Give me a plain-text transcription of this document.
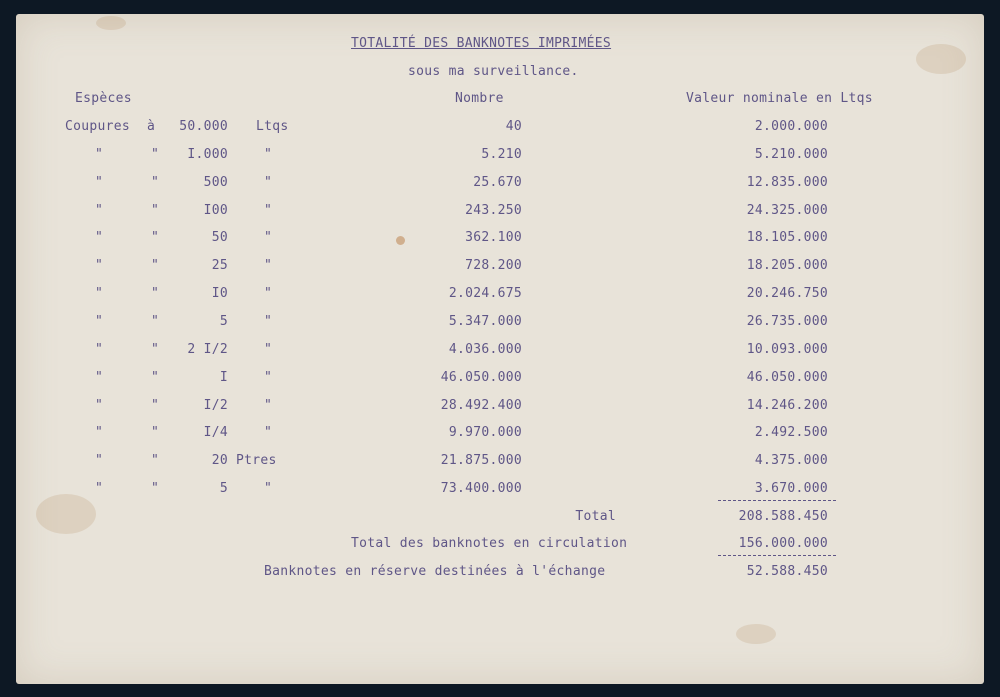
TOTALITÉ DES BANKNOTES IMPRIMÉES
sous ma surveillance.
Espèces	Nombre	Valeur nominale en Ltqs
Coupures à	50.000 Ltqs	40	2.000.000
"	"	I.000	"	5.210	5.210.000
"	"	500	"	25.670	12.835.000
"	"	I00	"	243.250	24.325.000
"	"	50	"	362.100	18.105.000
"	"	25	"	728.200	18.205.000
"	"	I0	"	2.024.675	20.246.750
"	"	5	"	5.347.000	26.735.000
"	"	2 I/2	"	4.036.000	10.093.000
"	"	I	"	46.050.000	46.050.000
"	"	I/2	"	28.492.400	14.246.200
"	"	I/4	"	9.970.000	2.492.500
"	"	20 Ptres	21.875.000	4.375.000
"	"	5	"	73.400.000	3.670.000
Total	208.588.450
Total des banknotes en circulation	156.000.000
Banknotes en réserve destinées à l'échange	52.588.450
